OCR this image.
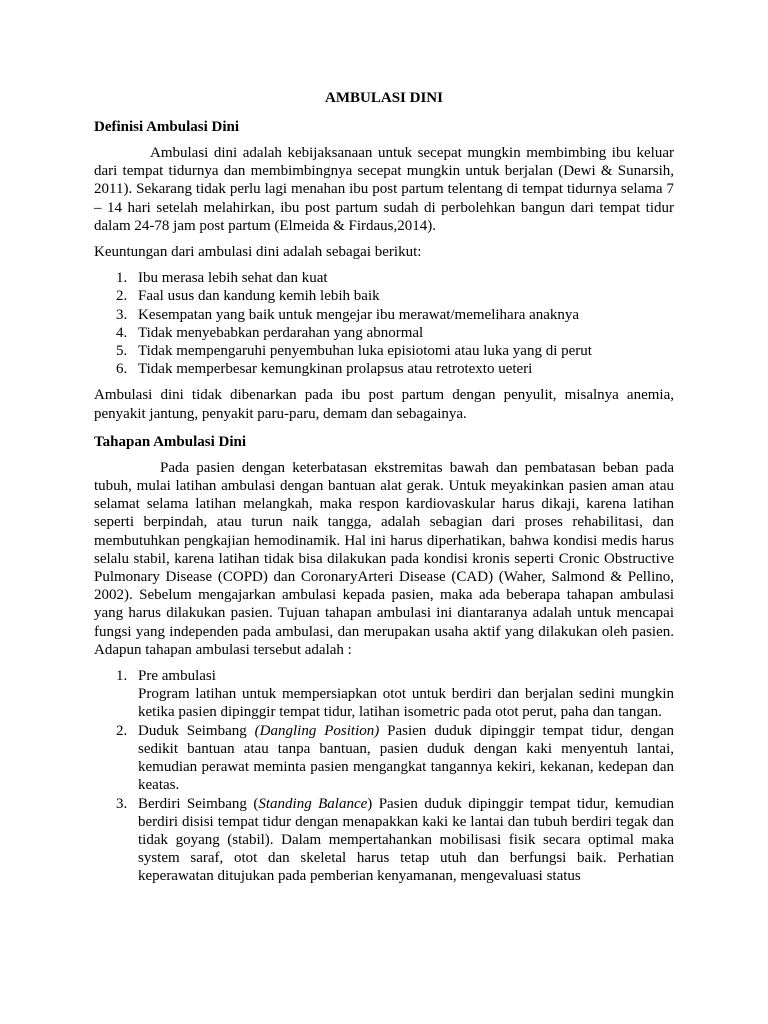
AMBULASI DINI
Definisi Ambulasi Dini

Ambulasi dini adalah kebijaksanaan untuk secepat mungkin membimbing ibu keluar dari tempat tidurnya dan membimbingnya secepat mungkin untuk berjalan (Dewi & Sunarsih, 2011). Sekarang tidak perlu lagi menahan ibu post partum telentang di tempat tidurnya selama 7 – 14 hari setelah melahirkan, ibu post partum sudah di perbolehkan bangun dari tempat tidur dalam 24-78 jam post partum (Elmeida & Firdaus,2014).

Keuntungan dari ambulasi dini adalah sebagai berikut:

1. Ibu merasa lebih sehat dan kuat
2. Faal usus dan kandung kemih lebih baik
3. Kesempatan yang baik untuk mengejar ibu merawat/memelihara anaknya
4. Tidak menyebabkan perdarahan yang abnormal
5. Tidak mempengaruhi penyembuhan luka episiotomi atau luka yang di perut
6. Tidak memperbesar kemungkinan prolapsus atau retrotexto ueteri

Ambulasi dini tidak dibenarkan pada ibu post partum dengan penyulit, misalnya anemia, penyakit jantung, penyakit paru-paru, demam dan sebagainya.

Tahapan Ambulasi Dini

Pada pasien dengan keterbatasan ekstremitas bawah dan pembatasan beban pada tubuh, mulai latihan ambulasi dengan bantuan alat gerak. Untuk meyakinkan pasien aman atau selamat selama latihan melangkah, maka respon kardiovaskular harus dikaji, karena latihan seperti berpindah, atau turun naik tangga, adalah sebagian dari proses rehabilitasi, dan membutuhkan pengkajian hemodinamik. Hal ini harus diperhatikan, bahwa kondisi medis harus selalu stabil, karena latihan tidak bisa dilakukan pada kondisi kronis seperti Cronic Obstructive Pulmonary Disease (COPD) dan CoronaryArteri Disease (CAD) (Waher, Salmond & Pellino, 2002). Sebelum mengajarkan ambulasi kepada pasien, maka ada beberapa tahapan ambulasi yang harus dilakukan pasien. Tujuan tahapan ambulasi ini diantaranya adalah untuk mencapai fungsi yang independen pada ambulasi, dan merupakan usaha aktif yang dilakukan oleh pasien. Adapun tahapan ambulasi tersebut adalah :

1. Pre ambulasi
Program latihan untuk mempersiapkan otot untuk berdiri dan berjalan sedini mungkin ketika pasien dipinggir tempat tidur, latihan isometric pada otot perut, paha dan tangan.
2. Duduk Seimbang (Dangling Position) Pasien duduk dipinggir tempat tidur, dengan sedikit bantuan atau tanpa bantuan, pasien duduk dengan kaki menyentuh lantai, kemudian perawat meminta pasien mengangkat tangannya kekiri, kekanan, kedepan dan keatas.
3. Berdiri Seimbang (Standing Balance) Pasien duduk dipinggir tempat tidur, kemudian berdiri disisi tempat tidur dengan menapakkan kaki ke lantai dan tubuh berdiri tegak dan tidak goyang (stabil). Dalam mempertahankan mobilisasi fisik secara optimal maka system saraf, otot dan skeletal harus tetap utuh dan berfungsi baik. Perhatian keperawatan ditujukan pada pemberian kenyamanan, mengevaluasi status
